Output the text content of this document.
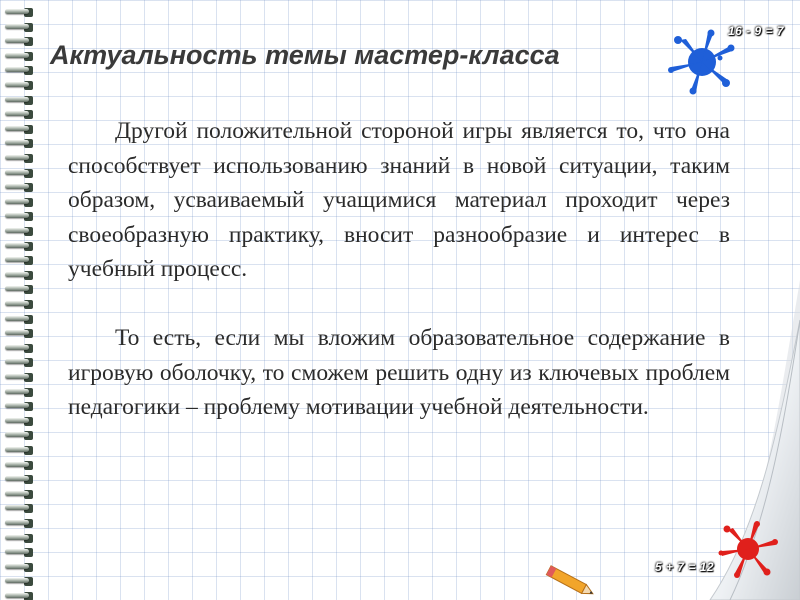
16 - 9 = 7
Актуальность темы мастер-класса

Другой положительной стороной игры является то, что она способствует использованию знаний в новой ситуации, таким образом, усваиваемый учащимися материал проходит через своеобразную практику, вносит разнообразие и интерес в учебный процесс.

То есть, если мы вложим образовательное содержание в игровую оболочку, то сможем решить одну из ключевых проблем педагогики – проблему мотивации учебной деятельности.

5 + 7 = 12
